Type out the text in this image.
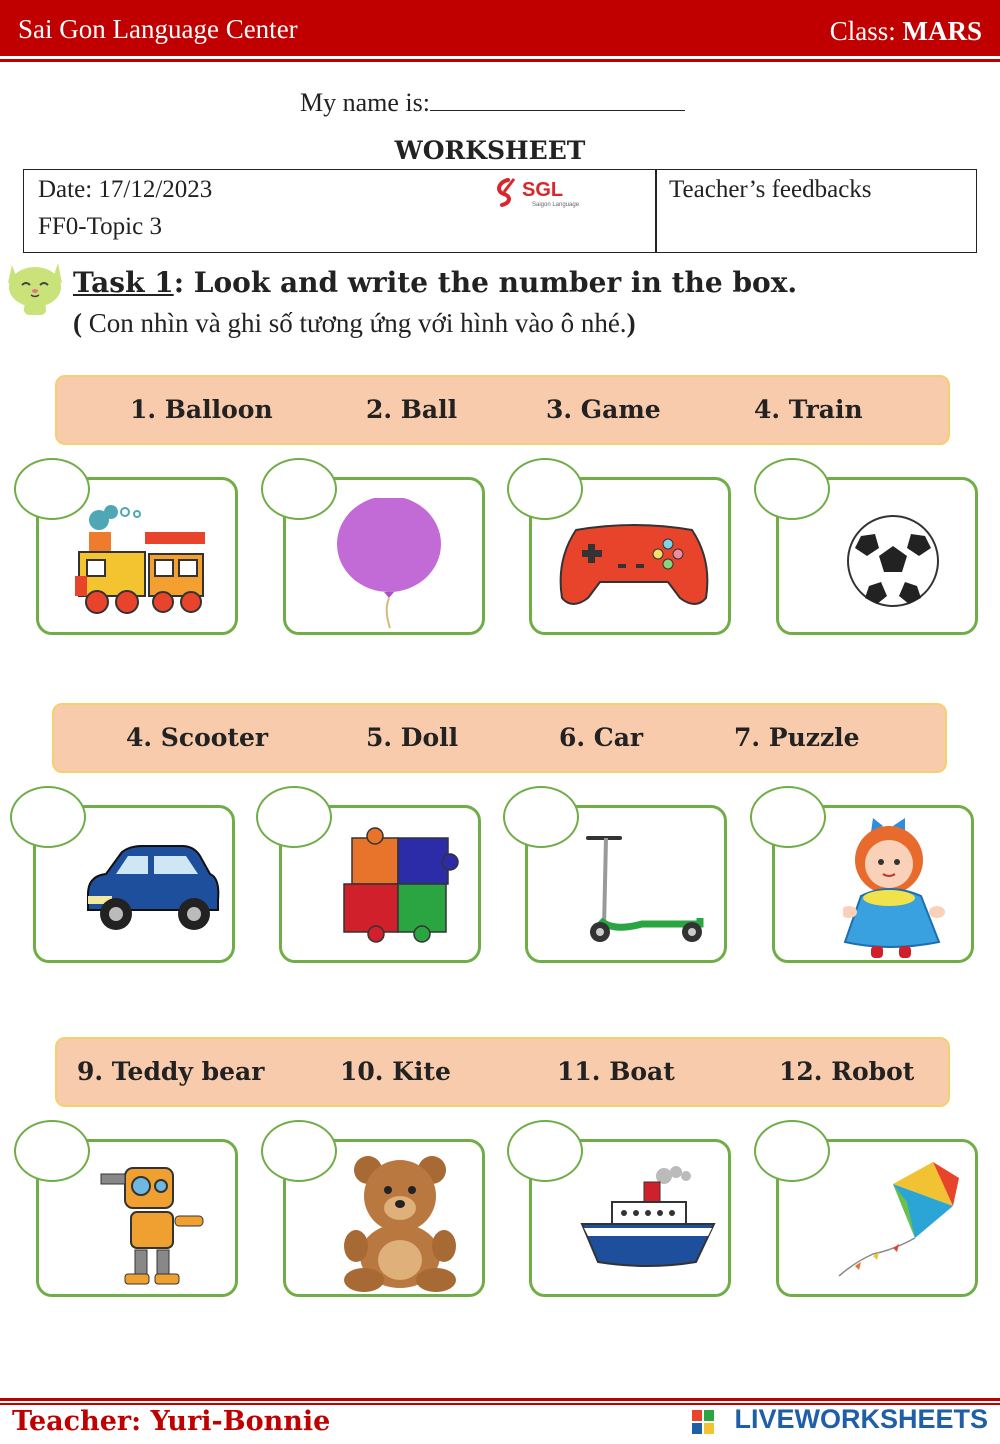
Sai Gon Language Center	Class: MARS
My name is:
WORKSHEET
Date: 17/12/2023
FF0-Topic 3
SGL
Saigon Language
Teacher’s feedbacks
Task 1: Look and write the number in the box.
( Con nhìn và ghi số tương ứng với hình vào ô nhé.)
1. Balloon	2. Ball	3. Game	4. Train
4. Scooter	5. Doll	6. Car	7. Puzzle
9. Teddy bear	10. Kite	11. Boat	12. Robot
Teacher: Yuri-Bonnie	LIVEWORKSHEETS
